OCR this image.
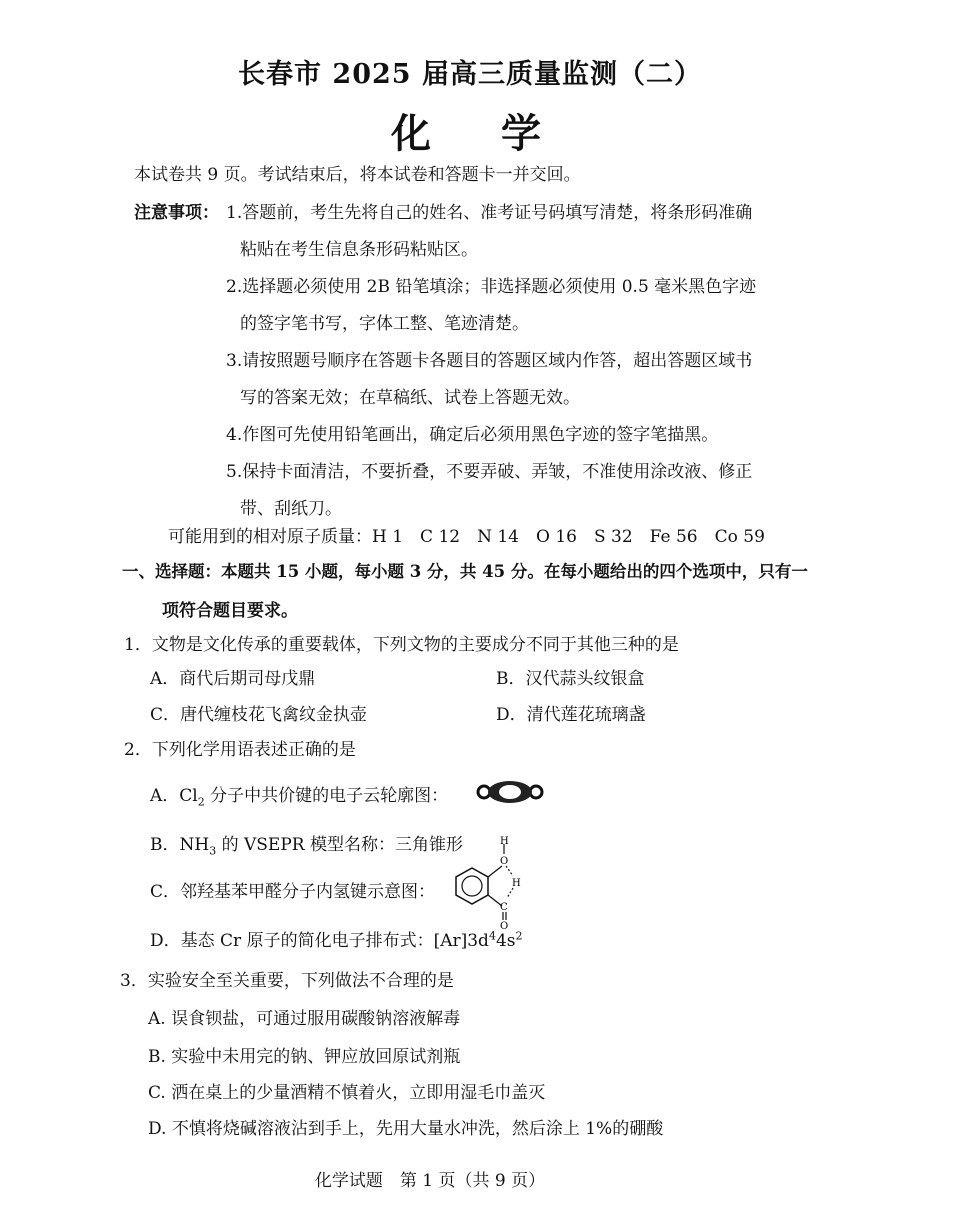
长春市 2025 届高三质量监测（二）
化 学
本试卷共 9 页。考试结束后，将本试卷和答题卡一并交回。
注意事项： 1.答题前，考生先将自己的姓名、准考证号码填写清楚，将条形码准确
粘贴在考生信息条形码粘贴区。
2.选择题必须使用 2B 铅笔填涂；非选择题必须使用 0.5 毫米黑色字迹
的签字笔书写，字体工整、笔迹清楚。
3.请按照题号顺序在答题卡各题目的答题区域内作答，超出答题区域书
写的答案无效；在草稿纸、试卷上答题无效。
4.作图可先使用铅笔画出，确定后必须用黑色字迹的签字笔描黑。
5.保持卡面清洁，不要折叠，不要弄破、弄皱，不准使用涂改液、修正
带、刮纸刀。
可能用到的相对原子质量：H 1　C 12　N 14　O 16　S 32　Fe 56　Co 59
一、选择题：本题共 15 小题，每小题 3 分，共 45 分。在每小题给出的四个选项中，只有一
项符合题目要求。
1．文物是文化传承的重要载体，下列文物的主要成分不同于其他三种的是
A．商代后期司母戊鼎	B．汉代蒜头纹银盒
C．唐代缠枝花飞禽纹金执壶	D．清代莲花琉璃盏
2．下列化学用语表述正确的是
A．$Cl_2$ 分子中共价键的电子云轮廓图：
B．$NH_3$ 的 VSEPR 模型名称：三角锥形
C．邻羟基苯甲醛分子内氢键示意图：
H
O
H
C
O
D．基态 Cr 原子的简化电子排布式：$[Ar]3d^44s^2$
3．实验安全至关重要，下列做法不合理的是
A. 误食钡盐，可通过服用碳酸钠溶液解毒
B. 实验中未用完的钠、钾应放回原试剂瓶
C. 洒在桌上的少量酒精不慎着火，立即用湿毛巾盖灭
D. 不慎将烧碱溶液沾到手上，先用大量水冲洗，然后涂上 1%的硼酸
化学试题　第 1 页（共 9 页）
